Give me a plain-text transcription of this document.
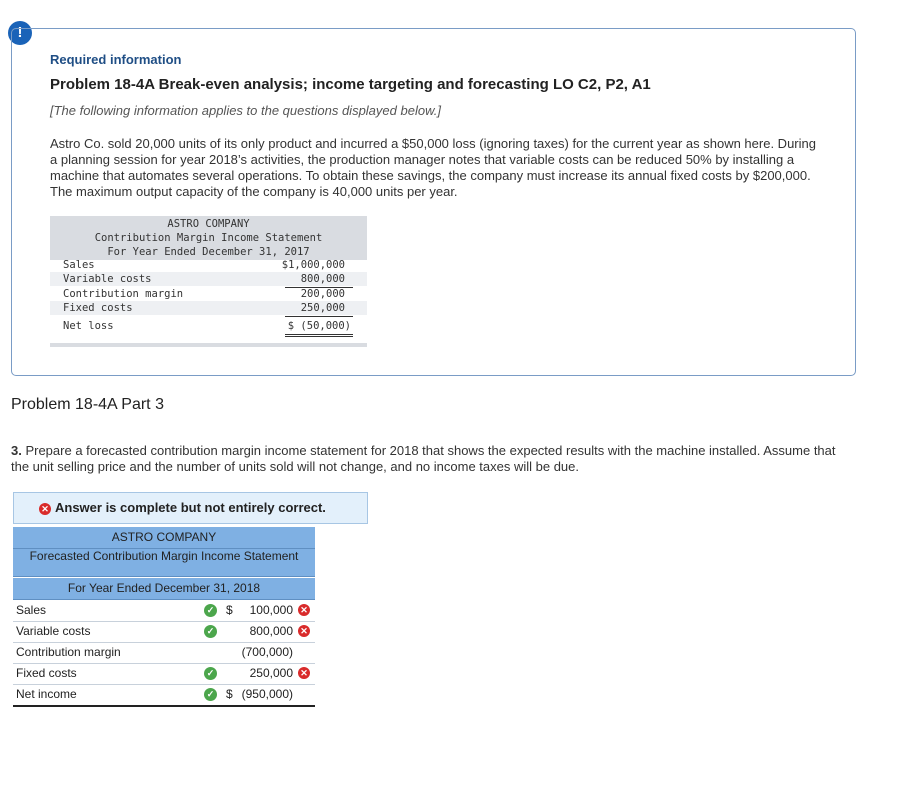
!
Required information
Problem 18-4A Break-even analysis; income targeting and forecasting LO C2, P2, A1
[The following information applies to the questions displayed below.]
Astro Co. sold 20,000 units of its only product and incurred a $50,000 loss (ignoring taxes) for the current year as shown here. During a planning session for year 2018’s activities, the production manager notes that variable costs can be reduced 50% by installing a machine that automates several operations. To obtain these savings, the company must increase its annual fixed costs by $200,000. The maximum output capacity of the company is 40,000 units per year.
ASTRO COMPANY
Contribution Margin Income Statement
For Year Ended December 31, 2017
Sales	$1,000,000
Variable costs	800,000
Contribution margin	200,000
Fixed costs	250,000
Net loss	$ (50,000)
Problem 18-4A Part 3
3. Prepare a forecasted contribution margin income statement for 2018 that shows the expected results with the machine installed. Assume that the unit selling price and the number of units sold will not change, and no income taxes will be due.
✕ Answer is complete but not entirely correct.
ASTRO COMPANY
Forecasted Contribution Margin Income Statement
For Year Ended December 31, 2018
Sales	✓ $ 100,000 ✕
Variable costs	✓	800,000 ✕
Contribution margin	(700,000)
Fixed costs	✓	250,000 ✕
Net income	✓ $ (950,000)
